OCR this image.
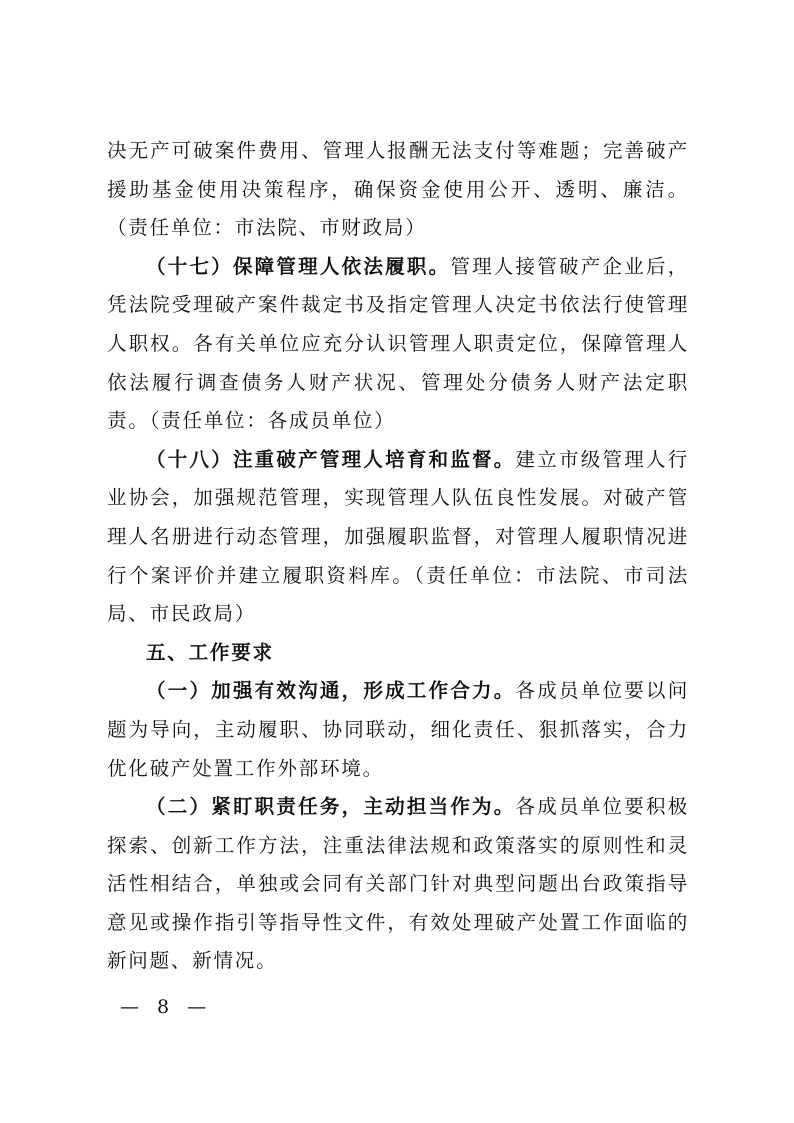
决无产可破案件费用、管理人报酬无法支付等难题；完善破产援助基金使用决策程序，确保资金使用公开、透明、廉洁。（责任单位：市法院、市财政局）

（十七）保障管理人依法履职。管理人接管破产企业后，凭法院受理破产案件裁定书及指定管理人决定书依法行使管理人职权。各有关单位应充分认识管理人职责定位，保障管理人依法履行调查债务人财产状况、管理处分债务人财产法定职责。（责任单位：各成员单位）

（十八）注重破产管理人培育和监督。建立市级管理人行业协会，加强规范管理，实现管理人队伍良性发展。对破产管理人名册进行动态管理，加强履职监督，对管理人履职情况进行个案评价并建立履职资料库。（责任单位：市法院、市司法局、市民政局）

五、工作要求

（一）加强有效沟通，形成工作合力。各成员单位要以问题为导向，主动履职、协同联动，细化责任、狠抓落实，合力优化破产处置工作外部环境。

（二）紧盯职责任务，主动担当作为。各成员单位要积极探索、创新工作方法，注重法律法规和政策落实的原则性和灵活性相结合，单独或会同有关部门针对典型问题出台政策指导意见或操作指引等指导性文件，有效处理破产处置工作面临的新问题、新情况。

— 8 —
